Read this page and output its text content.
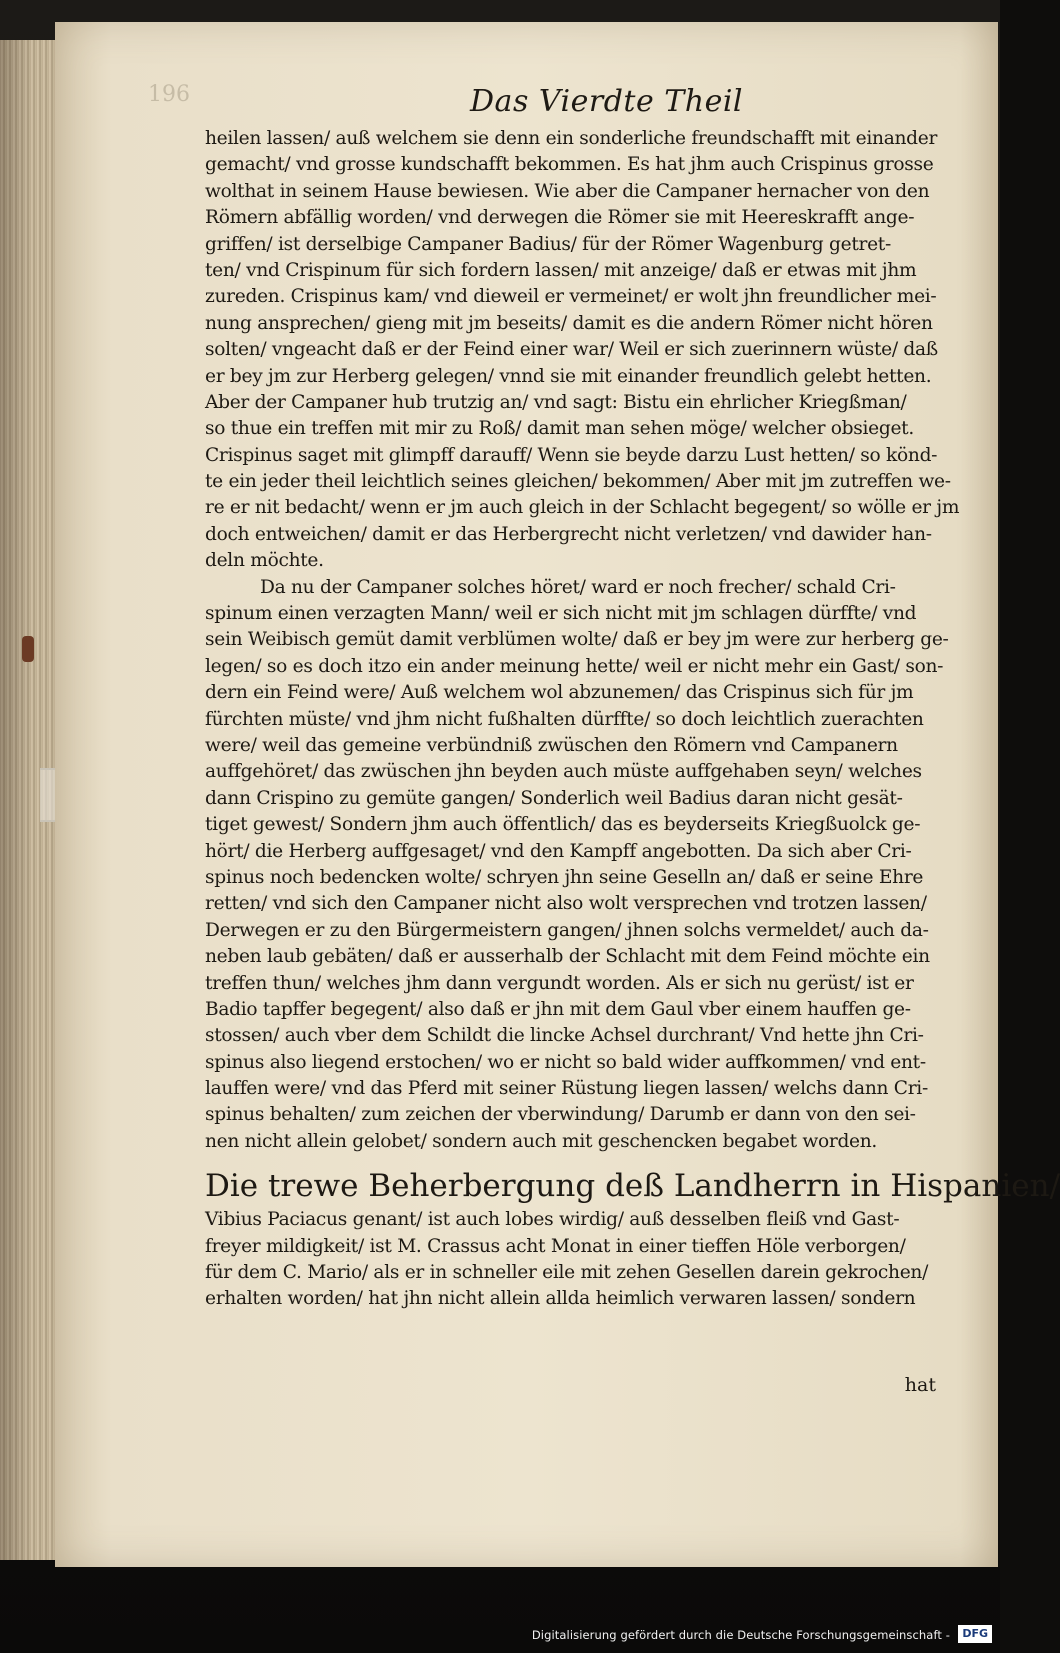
196	Das Vierdte Theil
heilen lassen/ auß welchem sie denn ein sonderliche freundschafft mit einander
gemacht/ vnd grosse kundschafft bekommen. Es hat jhm auch Crispinus grosse
wolthat in seinem Hause bewiesen. Wie aber die Campaner hernacher von den
Römern abfällig worden/ vnd derwegen die Römer sie mit Heereskrafft ange-
griffen/ ist derselbige Campaner Badius/ für der Römer Wagenburg getret-
ten/ vnd Crispinum für sich fordern lassen/ mit anzeige/ daß er etwas mit jhm
zureden. Crispinus kam/ vnd dieweil er vermeinet/ er wolt jhn freundlicher mei-
nung ansprechen/ gieng mit jm beseits/ damit es die andern Römer nicht hören
solten/ vngeacht daß er der Feind einer war/ Weil er sich zuerinnern wüste/ daß
er bey jm zur Herberg gelegen/ vnnd sie mit einander freundlich gelebt hetten.
Aber der Campaner hub trutzig an/ vnd sagt: Bistu ein ehrlicher Kriegßman/
so thue ein treffen mit mir zu Roß/ damit man sehen möge/ welcher obsieget.
Crispinus saget mit glimpff darauff/ Wenn sie beyde darzu Lust hetten/ so könd-
te ein jeder theil leichtlich seines gleichen/ bekommen/ Aber mit jm zutreffen we-
re er nit bedacht/ wenn er jm auch gleich in der Schlacht begegent/ so wölle er jm
doch entweichen/ damit er das Herbergrecht nicht verletzen/ vnd dawider han-
deln möchte.
Da nu der Campaner solches höret/ ward er noch frecher/ schald Cri-
spinum einen verzagten Mann/ weil er sich nicht mit jm schlagen dürffte/ vnd
sein Weibisch gemüt damit verblümen wolte/ daß er bey jm were zur herberg ge-
legen/ so es doch itzo ein ander meinung hette/ weil er nicht mehr ein Gast/ son-
dern ein Feind were/ Auß welchem wol abzunemen/ das Crispinus sich für jm
fürchten müste/ vnd jhm nicht fußhalten dürffte/ so doch leichtlich zuerachten
were/ weil das gemeine verbündniß zwüschen den Römern vnd Campanern
auffgehöret/ das zwüschen jhn beyden auch müste auffgehaben seyn/ welches
dann Crispino zu gemüte gangen/ Sonderlich weil Badius daran nicht gesät-
tiget gewest/ Sondern jhm auch öffentlich/ das es beyderseits Kriegßuolck ge-
hört/ die Herberg auffgesaget/ vnd den Kampff angebotten. Da sich aber Cri-
spinus noch bedencken wolte/ schryen jhn seine Geselln an/ daß er seine Ehre
retten/ vnd sich den Campaner nicht also wolt versprechen vnd trotzen lassen/
Derwegen er zu den Bürgermeistern gangen/ jhnen solchs vermeldet/ auch da-
neben laub gebäten/ daß er ausserhalb der Schlacht mit dem Feind möchte ein
treffen thun/ welches jhm dann vergundt worden. Als er sich nu gerüst/ ist er
Badio tapffer begegent/ also daß er jhn mit dem Gaul vber einem hauffen ge-
stossen/ auch vber dem Schildt die lincke Achsel durchrant/ Vnd hette jhn Cri-
spinus also liegend erstochen/ wo er nicht so bald wider auffkommen/ vnd ent-
lauffen were/ vnd das Pferd mit seiner Rüstung liegen lassen/ welchs dann Cri-
spinus behalten/ zum zeichen der vberwindung/ Darumb er dann von den sei-
nen nicht allein gelobet/ sondern auch mit geschencken begabet worden.
Die trewe Beherbergung deß Landherrn in Hispanien/
Vibius Paciacus genant/ ist auch lobes wirdig/ auß desselben fleiß vnd Gast-
freyer mildigkeit/ ist M. Crassus acht Monat in einer tieffen Höle verborgen/
für dem C. Mario/ als er in schneller eile mit zehen Gesellen darein gekrochen/
erhalten worden/ hat jhn nicht allein allda heimlich verwaren lassen/ sondern
hat
Digitalisierung gefördert durch die Deutsche Forschungsgemeinschaft -	DFG
